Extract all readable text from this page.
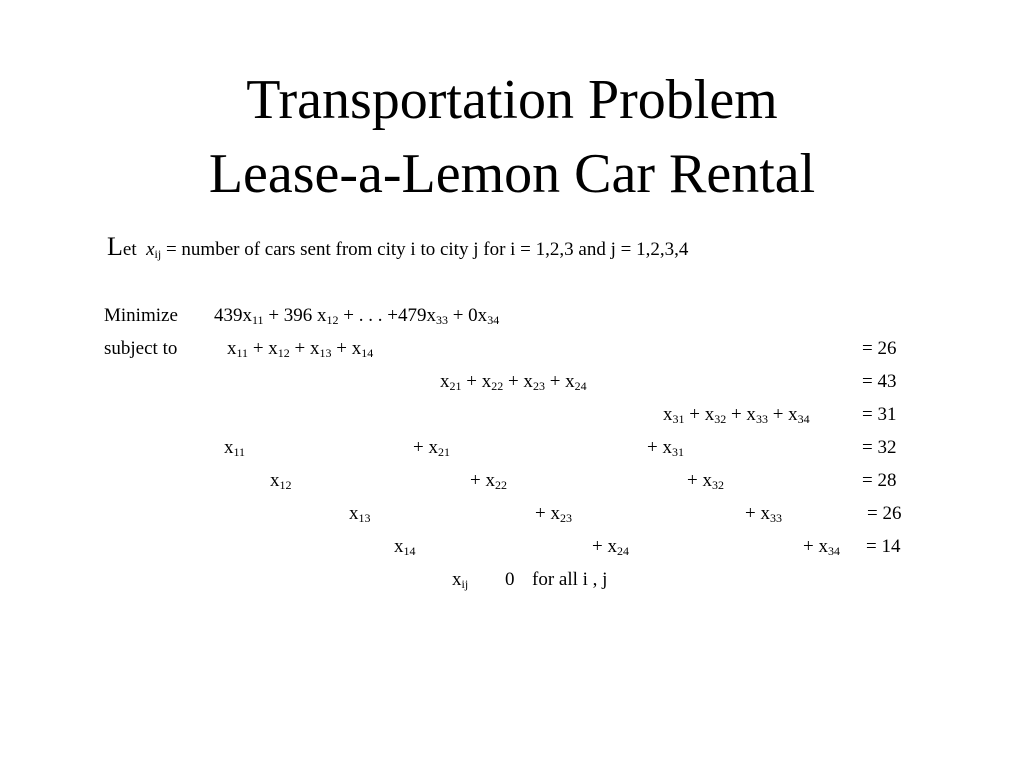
Transportation Problem
Lease-a-Lemon Car Rental
Let $x_{ij}$ = number of cars sent from city i to city j for i = 1,2,3 and j = 1,2,3,4
Minimize $439x_{11} + 396$ $x_{12}$ + . . . $+479x_{33} + 0x_{34}$
subject to	$x_{11} + x_{12} + x_{13} + x_{14}$	= 26
$x_{21} + x_{22} + x_{23} + x_{24}$	= 43
$x_{31} + x_{32} + x_{33} + x_{34}$	= 31
$x_{11}$	+ $x_{21}$	+ $x_{31}$	= 32
$x_{12}$	+ $x_{22}$	+ $x_{32}$	= 28
$x_{13}$	+ $x_{23}$	+ $x_{33}$	= 26
$x_{14}$	+ $x_{24}$	+ $x_{34} = 14$
$x_{ij}$ 0 for all i , j
